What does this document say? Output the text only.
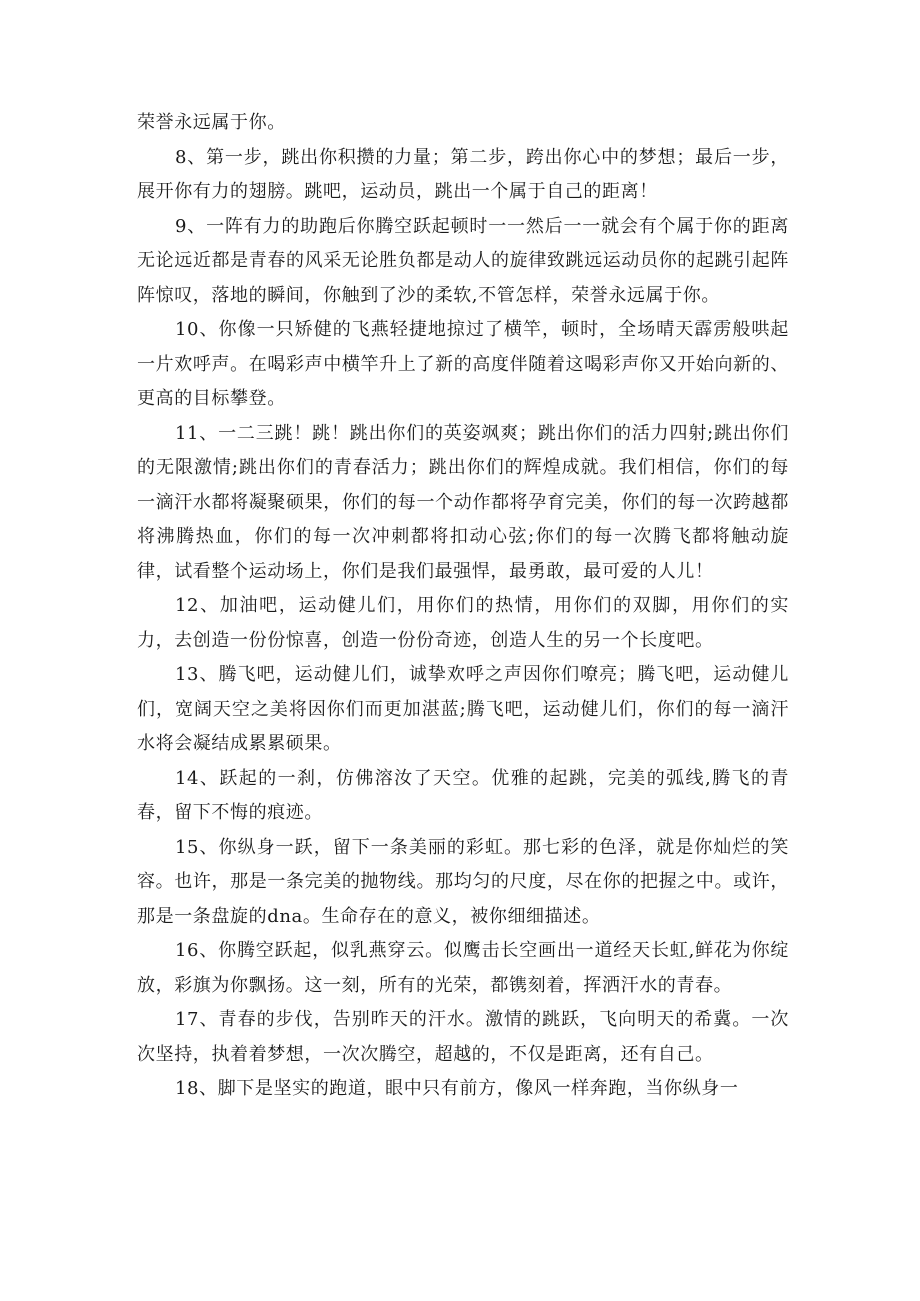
荣誉永远属于你。

8、第一步，跳出你积攒的力量；第二步，跨出你心中的梦想；最后一步，展开你有力的翅膀。跳吧，运动员，跳出一个属于自己的距离！

9、一阵有力的助跑后你腾空跃起顿时一一然后一一就会有个属于你的距离无论远近都是青春的风采无论胜负都是动人的旋律致跳远运动员你的起跳引起阵阵惊叹，落地的瞬间，你触到了沙的柔软,不管怎样，荣誉永远属于你。

10、你像一只矫健的飞燕轻捷地掠过了横竿，顿时，全场晴天霹雳般哄起一片欢呼声。在喝彩声中横竿升上了新的高度伴随着这喝彩声你又开始向新的、更高的目标攀登。

11、一二三跳！跳！跳出你们的英姿飒爽；跳出你们的活力四射;跳出你们的无限激情;跳出你们的青春活力；跳出你们的辉煌成就。我们相信，你们的每一滴汗水都将凝聚硕果，你们的每一个动作都将孕育完美，你们的每一次跨越都将沸腾热血，你们的每一次冲刺都将扣动心弦;你们的每一次腾飞都将触动旋律，试看整个运动场上，你们是我们最强悍，最勇敢，最可爱的人儿！

12、加油吧，运动健儿们，用你们的热情，用你们的双脚，用你们的实力，去创造一份份惊喜，创造一份份奇迹，创造人生的另一个长度吧。

13、腾飞吧，运动健儿们，诚挚欢呼之声因你们嘹亮；腾飞吧，运动健儿们，宽阔天空之美将因你们而更加湛蓝;腾飞吧，运动健儿们，你们的每一滴汗水将会凝结成累累硕果。

14、跃起的一刹，仿佛溶汝了天空。优雅的起跳，完美的弧线,腾飞的青春，留下不悔的痕迹。

15、你纵身一跃，留下一条美丽的彩虹。那七彩的色泽，就是你灿烂的笑容。也许，那是一条完美的抛物线。那均匀的尺度，尽在你的把握之中。或许，那是一条盘旋的dna。生命存在的意义，被你细细描述。

16、你腾空跃起，似乳燕穿云。似鹰击长空画出一道经天长虹,鲜花为你绽放，彩旗为你飘扬。这一刻，所有的光荣，都镌刻着，挥洒汗水的青春。

17、青春的步伐，告别昨天的汗水。激情的跳跃，飞向明天的希冀。一次次坚持，执着着梦想，一次次腾空，超越的，不仅是距离，还有自己。

18、脚下是坚实的跑道，眼中只有前方，像风一样奔跑，当你纵身一
